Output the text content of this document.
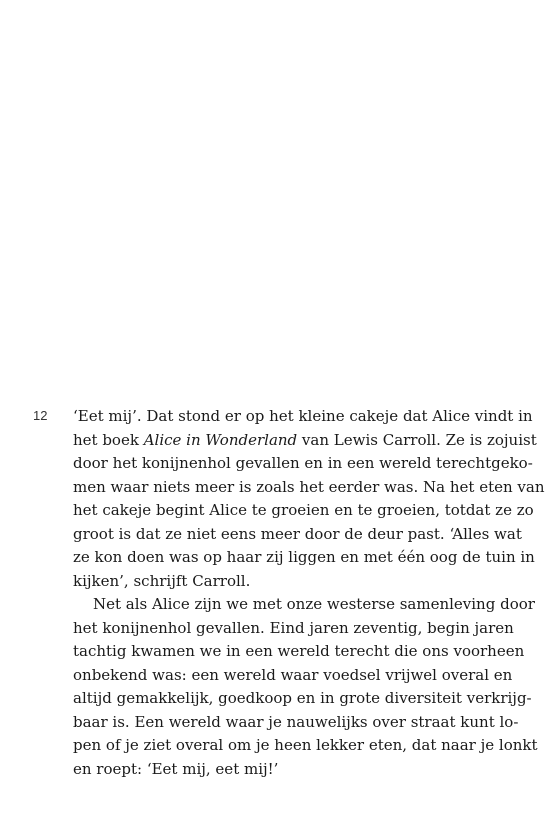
12 ‘Eet mij’. Dat stond er op het kleine cakeje dat Alice vindt in
het boek Alice in Wonderland van Lewis Carroll. Ze is zojuist
door het konijnenhol gevallen en in een wereld terechtgeko-
men waar niets meer is zoals het eerder was. Na het eten van
het cakeje begint Alice te groeien en te groeien, totdat ze zo
groot is dat ze niet eens meer door de deur past. ‘Alles wat
ze kon doen was op haar zij liggen en met één oog de tuin in
kijken’, schrijft Carroll.
Net als Alice zijn we met onze westerse samenleving door
het konijnenhol gevallen. Eind jaren zeventig, begin jaren
tachtig kwamen we in een wereld terecht die ons voorheen
onbekend was: een wereld waar voedsel vrijwel overal en
altijd gemakkelijk, goedkoop en in grote diversiteit verkrijg-
baar is. Een wereld waar je nauwelijks over straat kunt lo-
pen of je ziet overal om je heen lekker eten, dat naar je lonkt
en roept: ‘Eet mij, eet mij!’
